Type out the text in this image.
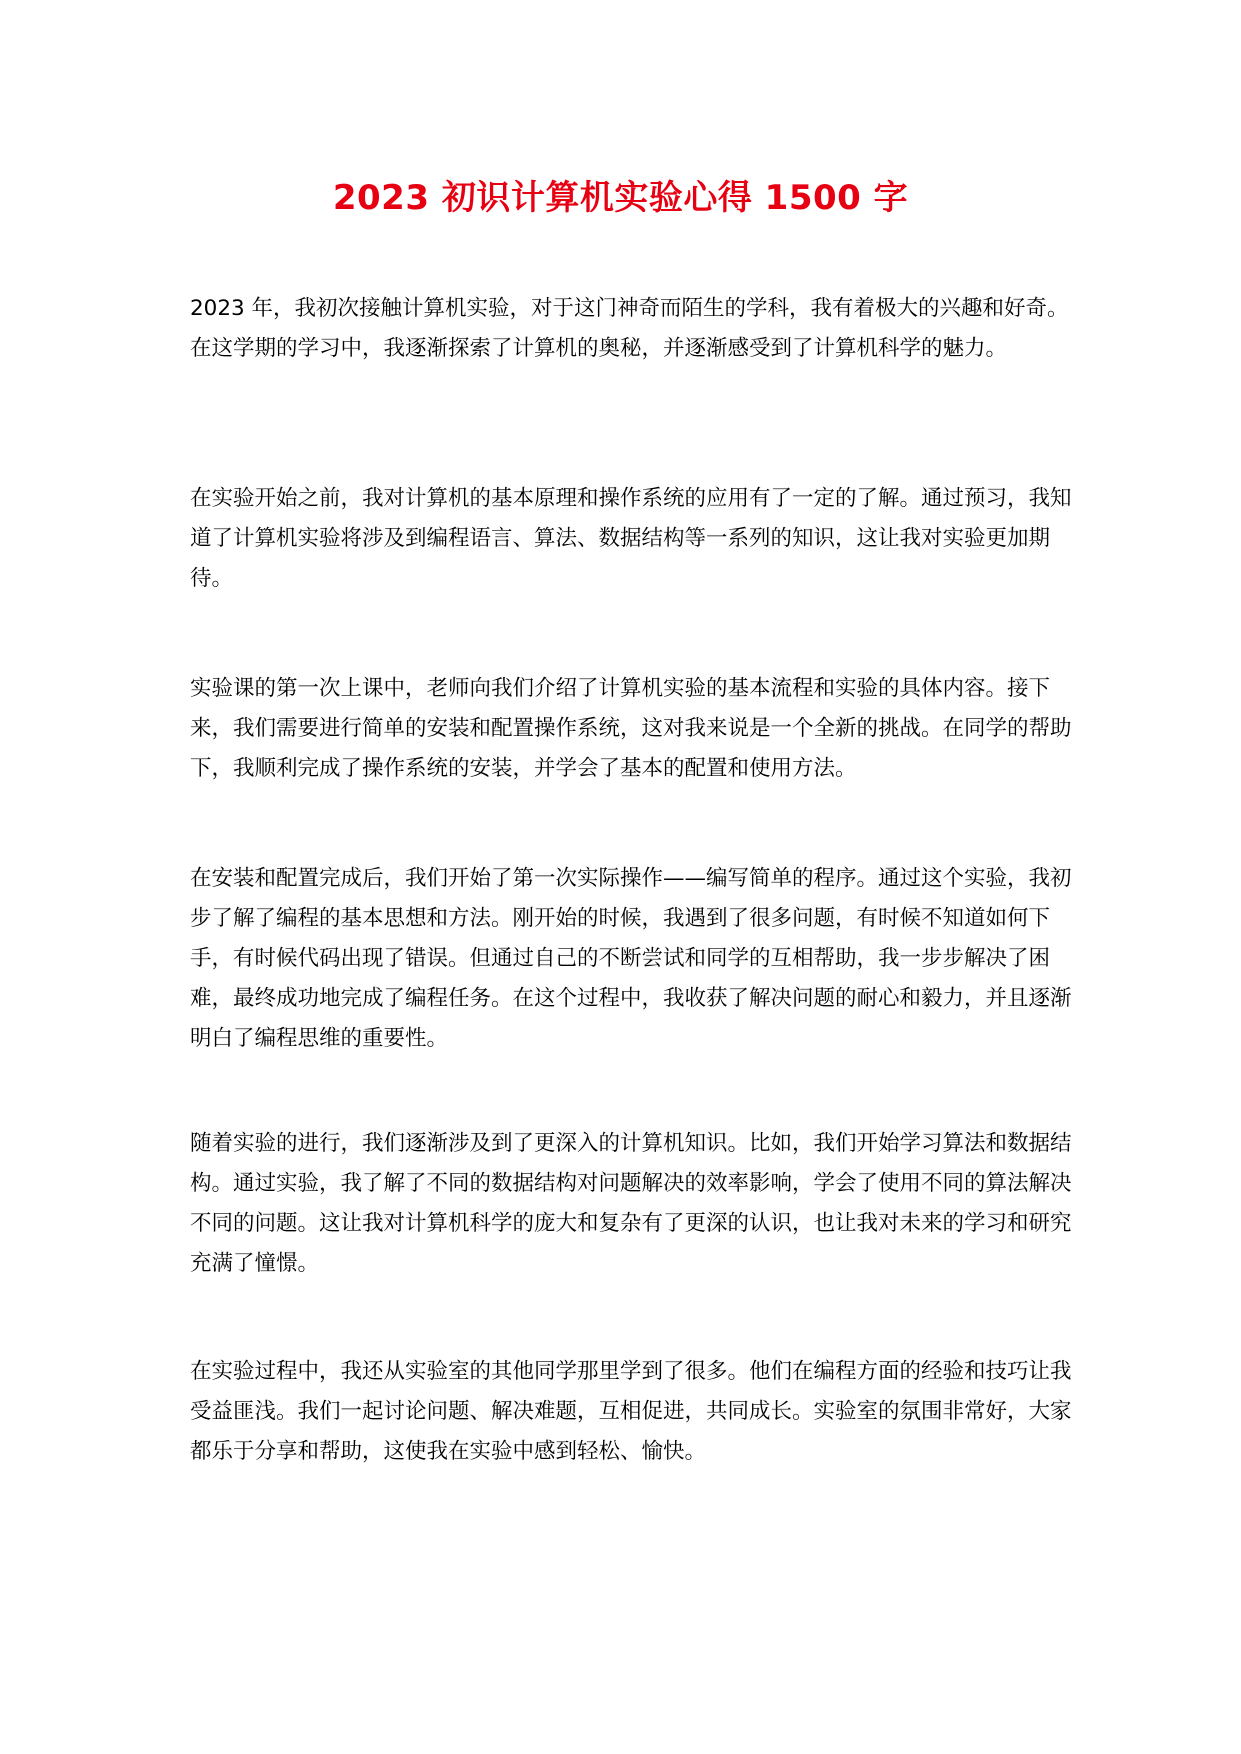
2023 初识计算机实验心得 1500 字

2023 年，我初次接触计算机实验，对于这门神奇而陌生的学科，我有着极大的兴趣和好奇。在这学期的学习中，我逐渐探索了计算机的奥秘，并逐渐感受到了计算机科学的魅力。

在实验开始之前，我对计算机的基本原理和操作系统的应用有了一定的了解。通过预习，我知道了计算机实验将涉及到编程语言、算法、数据结构等一系列的知识，这让我对实验更加期待。

实验课的第一次上课中，老师向我们介绍了计算机实验的基本流程和实验的具体内容。接下来，我们需要进行简单的安装和配置操作系统，这对我来说是一个全新的挑战。在同学的帮助下，我顺利完成了操作系统的安装，并学会了基本的配置和使用方法。

在安装和配置完成后，我们开始了第一次实际操作——编写简单的程序。通过这个实验，我初步了解了编程的基本思想和方法。刚开始的时候，我遇到了很多问题，有时候不知道如何下手，有时候代码出现了错误。但通过自己的不断尝试和同学的互相帮助，我一步步解决了困难，最终成功地完成了编程任务。在这个过程中，我收获了解决问题的耐心和毅力，并且逐渐明白了编程思维的重要性。

随着实验的进行，我们逐渐涉及到了更深入的计算机知识。比如，我们开始学习算法和数据结构。通过实验，我了解了不同的数据结构对问题解决的效率影响，学会了使用不同的算法解决不同的问题。这让我对计算机科学的庞大和复杂有了更深的认识，也让我对未来的学习和研究充满了憧憬。

在实验过程中，我还从实验室的其他同学那里学到了很多。他们在编程方面的经验和技巧让我受益匪浅。我们一起讨论问题、解决难题，互相促进，共同成长。实验室的氛围非常好，大家都乐于分享和帮助，这使我在实验中感到轻松、愉快。
